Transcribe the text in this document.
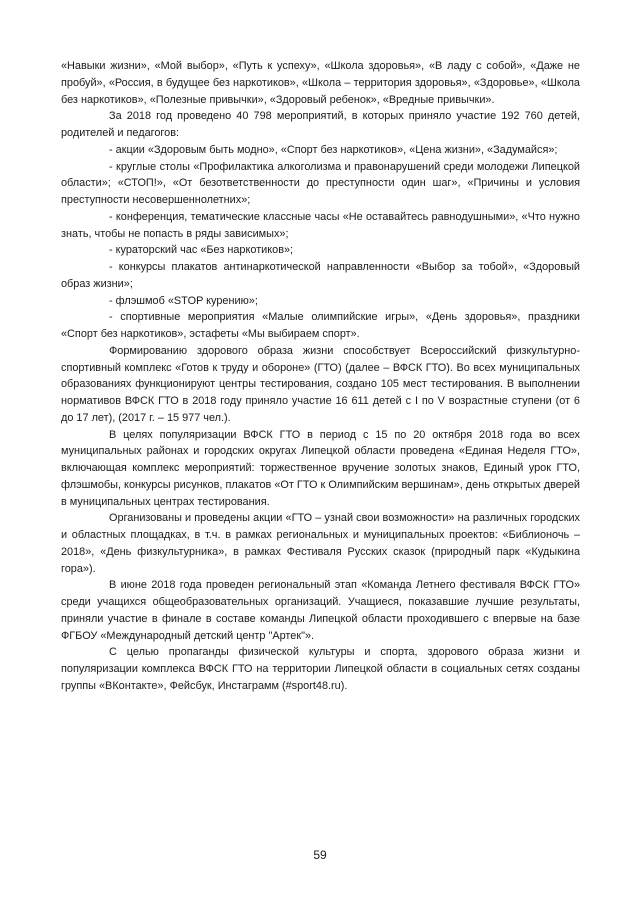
«Навыки жизни», «Мой выбор», «Путь к успеху», «Школа здоровья», «В ладу с собой», «Даже не пробуй», «Россия, в будущее без наркотиков», «Школа – территория здоровья», «Здоровье», «Школа без наркотиков», «Полезные привычки», «Здоровый ребенок», «Вредные привычки».

За 2018 год проведено 40 798 мероприятий, в которых приняло участие 192 760 детей, родителей и педагогов:

- акции «Здоровым быть модно», «Спорт без наркотиков», «Цена жизни», «Задумайся»;

- круглые столы «Профилактика алкоголизма и правонарушений среди молодежи Липецкой области»; «СТОП!», «От безответственности до преступности один шаг», «Причины и условия преступности несовершеннолетних»;

- конференция, тематические классные часы «Не оставайтесь равнодушными», «Что нужно знать, чтобы не попасть в ряды зависимых»;

- кураторский час «Без наркотиков»;

- конкурсы плакатов антинаркотической направленности «Выбор за тобой», «Здоровый образ жизни»;

- флэшмоб «STOP курению»;

- спортивные мероприятия «Малые олимпийские игры», «День здоровья», праздники «Спорт без наркотиков», эстафеты «Мы выбираем спорт».

Формированию здорового образа жизни способствует Всероссийский физкультурно-спортивный комплекс «Готов к труду и обороне» (ГТО) (далее – ВФСК ГТО). Во всех муниципальных образованиях функционируют центры тестирования, создано 105 мест тестирования. В выполнении нормативов ВФСК ГТО в 2018 году приняло участие 16 611 детей с I по V возрастные ступени (от 6 до 17 лет), (2017 г. – 15 977 чел.).

В целях популяризации ВФСК ГТО в период с 15 по 20 октября 2018 года во всех муниципальных районах и городских округах Липецкой области проведена «Единая Неделя ГТО», включающая комплекс мероприятий: торжественное вручение золотых знаков, Единый урок ГТО, флэшмобы, конкурсы рисунков, плакатов «От ГТО к Олимпийским вершинам», день открытых дверей в муниципальных центрах тестирования.

Организованы и проведены акции «ГТО – узнай свои возможности» на различных городских и областных площадках, в т.ч. в рамках региональных и муниципальных проектов: «Библионочь – 2018», «День физкультурника», в рамках Фестиваля Русских сказок (природный парк «Кудыкина гора»).

В июне 2018 года проведен региональный этап «Команда Летнего фестиваля ВФСК ГТО» среди учащихся общеобразовательных организаций. Учащиеся, показавшие лучшие результаты, приняли участие в финале в составе команды Липецкой области проходившего с впервые на базе ФГБОУ «Международный детский центр "Артек"».

С целью пропаганды физической культуры и спорта, здорового образа жизни и популяризации комплекса ВФСК ГТО на территории Липецкой области в социальных сетях созданы группы «ВКонтакте», Фейсбук, Инстаграмм (#sport48.ru).

59
